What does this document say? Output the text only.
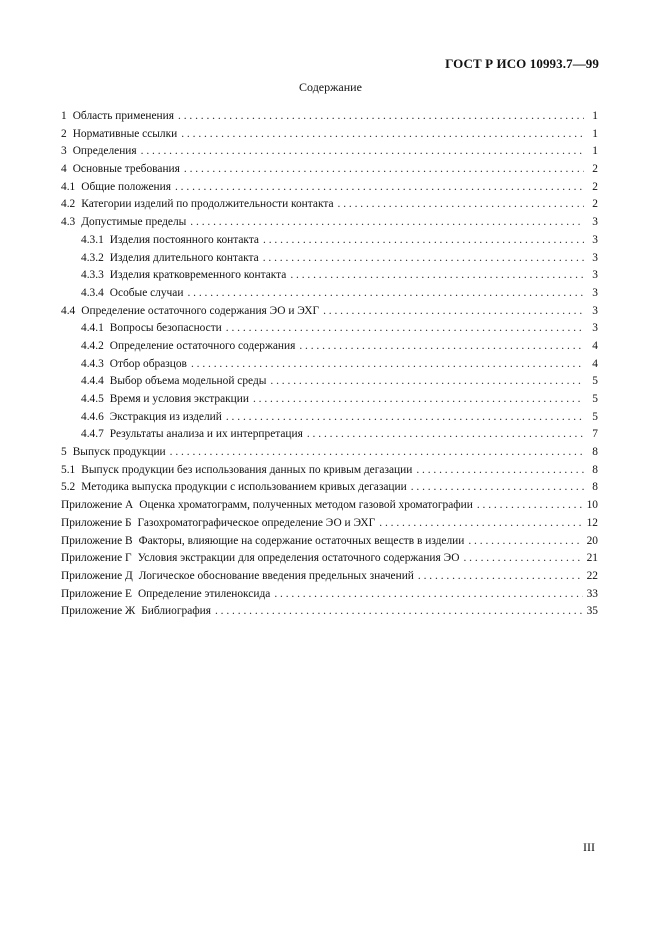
ГОСТ Р ИСО 10993.7—99
Содержание
1 Область применения . . .	1
2 Нормативные ссылки . . .	1
3 Определения . . .	1
4 Основные требования . . .	2
4.1 Общие положения . . .	2
4.2 Категории изделий по продолжительности контакта . . .	2
4.3 Допустимые пределы . . .	3
4.3.1 Изделия постоянного контакта . . .	3
4.3.2 Изделия длительного контакта . . .	3
4.3.3 Изделия кратковременного контакта . . .	3
4.3.4 Особые случаи . . .	3
4.4 Определение остаточного содержания ЭО и ЭХГ . . .	3
4.4.1 Вопросы безопасности . . .	3
4.4.2 Определение остаточного содержания . . .	4
4.4.3 Отбор образцов . . .	4
4.4.4 Выбор объема модельной среды . . .	5
4.4.5 Время и условия экстракции . . .	5
4.4.6 Экстракция из изделий . . .	5
4.4.7 Результаты анализа и их интерпретация . . .	7
5 Выпуск продукции . . .	8
5.1 Выпуск продукции без использования данных по кривым дегазации . . .	8
5.2 Методика выпуска продукции с использованием кривых дегазации . . .	8
Приложение А Оценка хроматограмм, полученных методом газовой хроматографии . . .	10
Приложение Б Газохроматографическое определение ЭО и ЭХГ . . .	12
Приложение В Факторы, влияющие на содержание остаточных веществ в изделии . . .	20
Приложение Г Условия экстракции для определения остаточного содержания ЭО . . .	21
Приложение Д Логическое обоснование введения предельных значений . . .	22
Приложение Е Определение этиленоксида . . .	33
Приложение Ж Библиография . . .	35
III
